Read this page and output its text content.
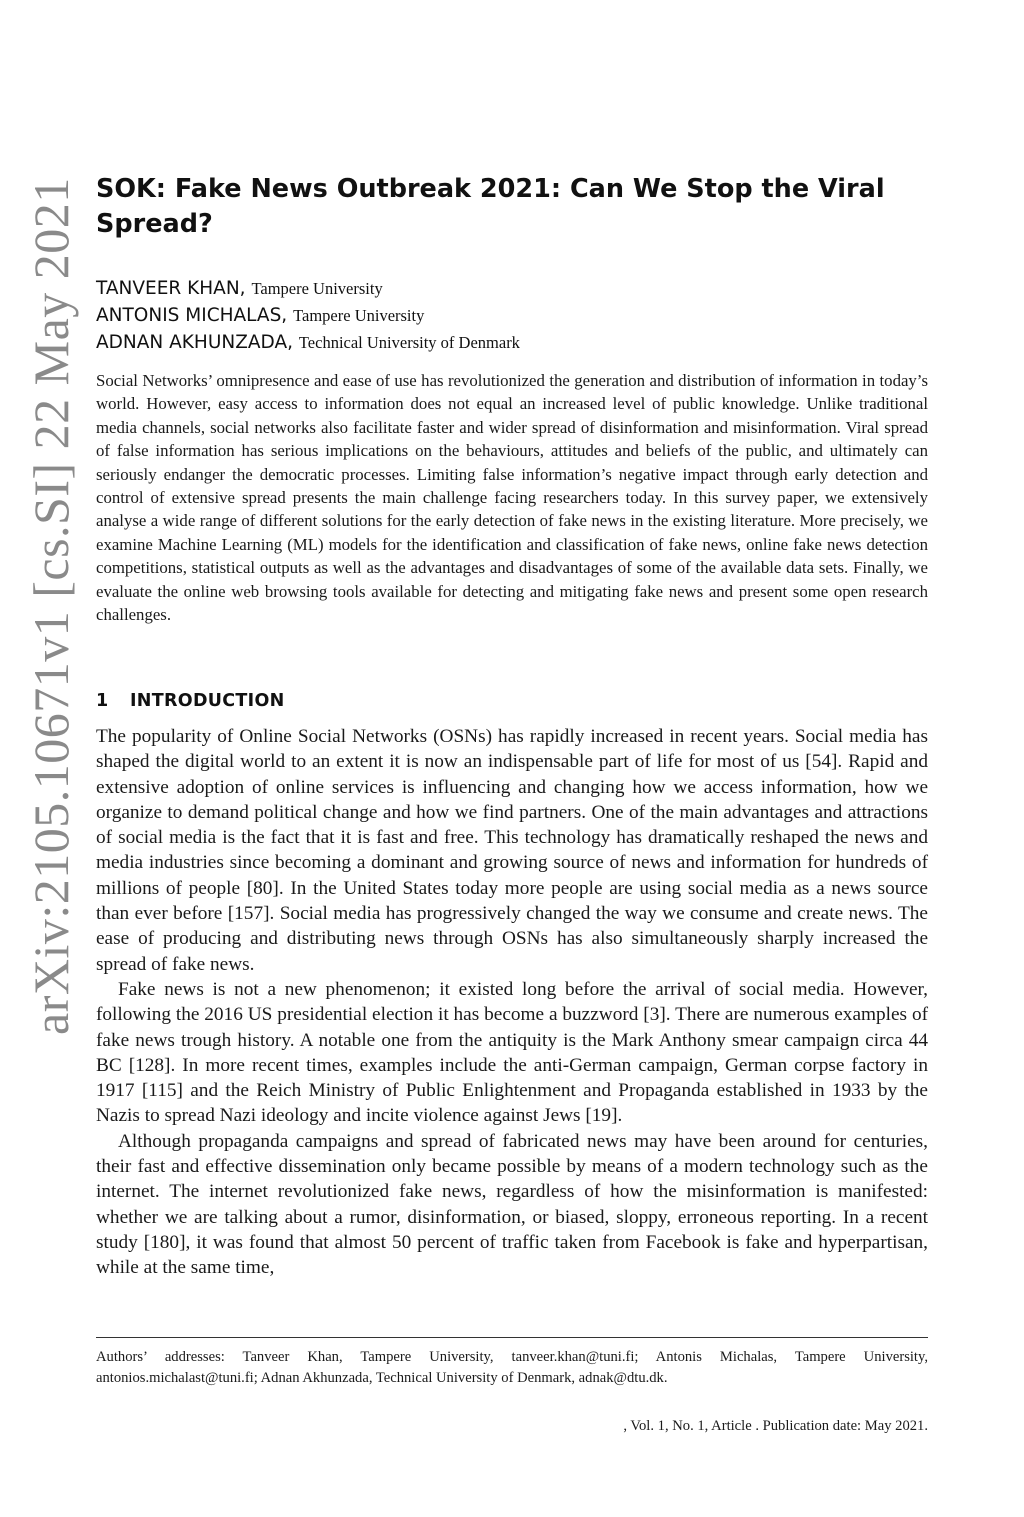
arXiv:2105.10671v1 [cs.SI] 22 May 2021 SOK: Fake News Outbreak 2021: Can We Stop the Viral Spread?
TANVEER KHAN, Tampere University
ANTONIS MICHALAS, Tampere University
ADNAN AKHUNZADA, Technical University of Denmark

Social Networks’ omnipresence and ease of use has revolutionized the generation and distribution of information in today’s world. However, easy access to information does not equal an increased level of public knowledge. Unlike traditional media channels, social networks also facilitate faster and wider spread of disinformation and misinformation. Viral spread of false information has serious implications on the behaviours, attitudes and beliefs of the public, and ultimately can seriously endanger the democratic processes. Limiting false information’s negative impact through early detection and control of extensive spread presents the main challenge facing researchers today. In this survey paper, we extensively analyse a wide range of different solutions for the early detection of fake news in the existing literature. More precisely, we examine Machine Learning (ML) models for the identification and classification of fake news, online fake news detection competitions, statistical outputs as well as the advantages and disadvantages of some of the available data sets. Finally, we evaluate the online web browsing tools available for detecting and mitigating fake news and present some open research challenges.

1 INTRODUCTION

The popularity of Online Social Networks (OSNs) has rapidly increased in recent years. Social media has shaped the digital world to an extent it is now an indispensable part of life for most of us [54]. Rapid and extensive adoption of online services is influencing and changing how we access information, how we organize to demand political change and how we find partners. One of the main advantages and attractions of social media is the fact that it is fast and free. This technology has dramatically reshaped the news and media industries since becoming a dominant and growing source of news and information for hundreds of millions of people [80]. In the United States today more people are using social media as a news source than ever before [157]. Social media has progressively changed the way we consume and create news. The ease of producing and distributing news through OSNs has also simultaneously sharply increased the spread of fake news.

Fake news is not a new phenomenon; it existed long before the arrival of social media. However, following the 2016 US presidential election it has become a buzzword [3]. There are numerous examples of fake news trough history. A notable one from the antiquity is the Mark Anthony smear campaign circa 44 BC [128]. In more recent times, examples include the anti-German campaign, German corpse factory in 1917 [115] and the Reich Ministry of Public Enlightenment and Propaganda established in 1933 by the Nazis to spread Nazi ideology and incite violence against Jews [19].

Although propaganda campaigns and spread of fabricated news may have been around for centuries, their fast and effective dissemination only became possible by means of a modern technology such as the internet. The internet revolutionized fake news, regardless of how the misinformation is manifested: whether we are talking about a rumor, disinformation, or biased, sloppy, erroneous reporting. In a recent study [180], it was found that almost 50 percent of traffic taken from Facebook is fake and hyperpartisan, while at the same time,

Authors’ addresses: Tanveer Khan, Tampere University, tanveer.khan@tuni.fi; Antonis Michalas, Tampere University, antonios.michalast@tuni.fi; Adnan Akhunzada, Technical University of Denmark, adnak@dtu.dk.

, Vol. 1, No. 1, Article . Publication date: May 2021.
